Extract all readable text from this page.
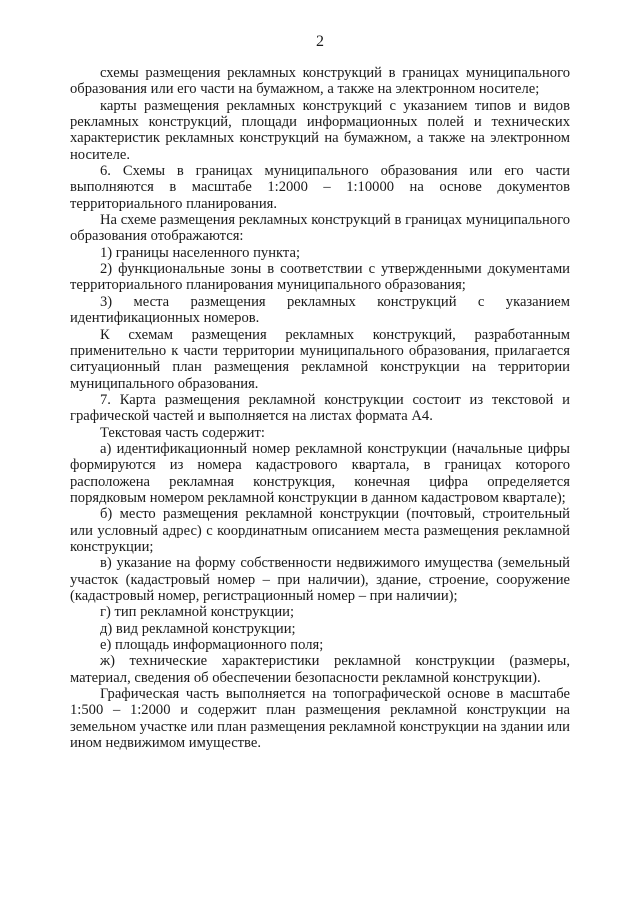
2

схемы размещения рекламных конструкций в границах муниципального образования или его части на бумажном, а также на электронном носителе;

карты размещения рекламных конструкций с указанием типов и видов рекламных конструкций, площади информационных полей и технических характеристик рекламных конструкций на бумажном, а также на электронном носителе.

6. Схемы в границах муниципального образования или его части выполняются в масштабе 1:2000 – 1:10000 на основе документов территориального планирования.

На схеме размещения рекламных конструкций в границах муниципального образования отображаются:

1) границы населенного пункта;

2) функциональные зоны в соответствии с утвержденными документами территориального планирования муниципального образования;

3) места размещения рекламных конструкций с указанием идентификационных номеров.

К схемам размещения рекламных конструкций, разработанным применительно к части территории муниципального образования, прилагается ситуационный план размещения рекламной конструкции на территории муниципального образования.

7. Карта размещения рекламной конструкции состоит из текстовой и графической частей и выполняется на листах формата А4.

Текстовая часть содержит:

а) идентификационный номер рекламной конструкции (начальные цифры формируются из номера кадастрового квартала, в границах которого расположена рекламная конструкция, конечная цифра определяется порядковым номером рекламной конструкции в данном кадастровом квартале);

б) место размещения рекламной конструкции (почтовый, строительный или условный адрес) с координатным описанием места размещения рекламной конструкции;

в) указание на форму собственности недвижимого имущества (земельный участок (кадастровый номер – при наличии), здание, строение, сооружение (кадастровый номер, регистрационный номер – при наличии);

г) тип рекламной конструкции;

д) вид рекламной конструкции;

е) площадь информационного поля;

ж) технические характеристики рекламной конструкции (размеры, материал, сведения об обеспечении безопасности рекламной конструкции).

Графическая часть выполняется на топографической основе в масштабе 1:500 – 1:2000 и содержит план размещения рекламной конструкции на земельном участке или план размещения рекламной конструкции на здании или ином недвижимом имуществе.
